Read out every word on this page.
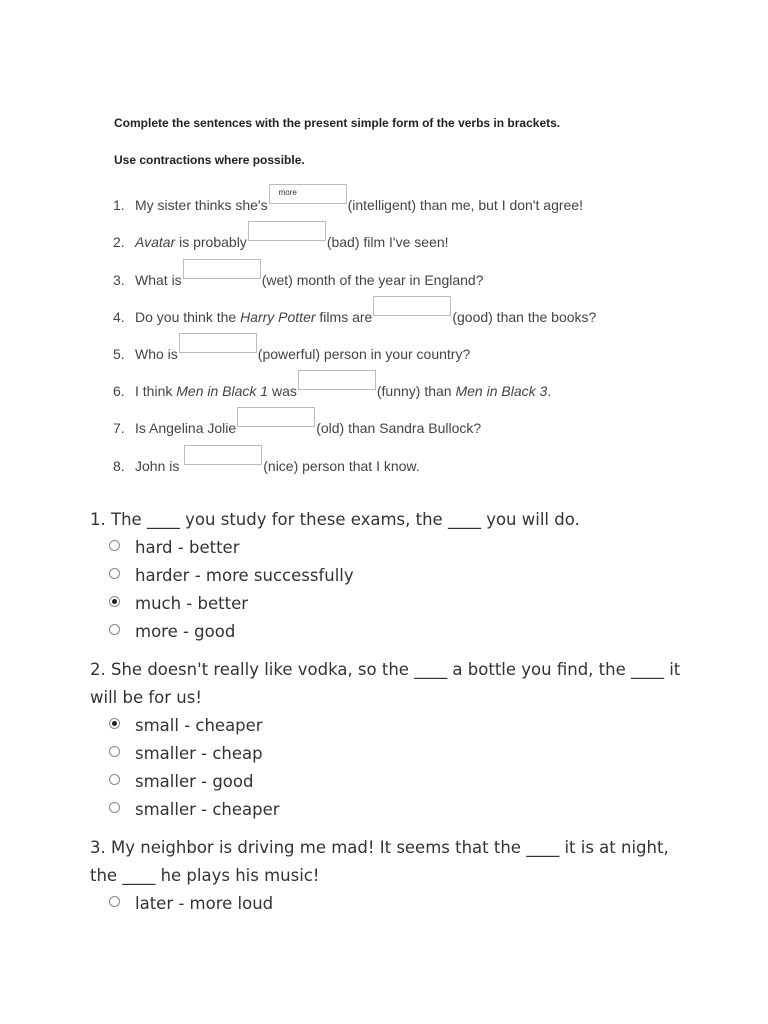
Complete the sentences with the present simple form of the verbs in brackets.
Use contractions where possible.
1. My sister thinks she's
more
(intelligent) than me, but I don't agree!
2. Avatar is probably	(bad) film I've seen!
3. What is	(wet) month of the year in England?
4. Do you think the Harry Potter films are	(good) than the books?
5. Who is	(powerful) person in your country?
6. I think Men in Black 1 was	(funny) than Men in Black 3 .
7. Is Angelina Jolie	(old) than Sandra Bullock?
8. John is	(nice) person that I know.
1. The ____ you study for these exams, the ____ you will do.
hard - better
harder - more successfully
much - better
more - good
2. She doesn't really like vodka, so the ____ a bottle you find, the ____ it will be for us!
small - cheaper
smaller - cheap
smaller - good
smaller - cheaper
3. My neighbor is driving me mad! It seems that the ____ it is at night, the ____ he plays his music!
later - more loud
